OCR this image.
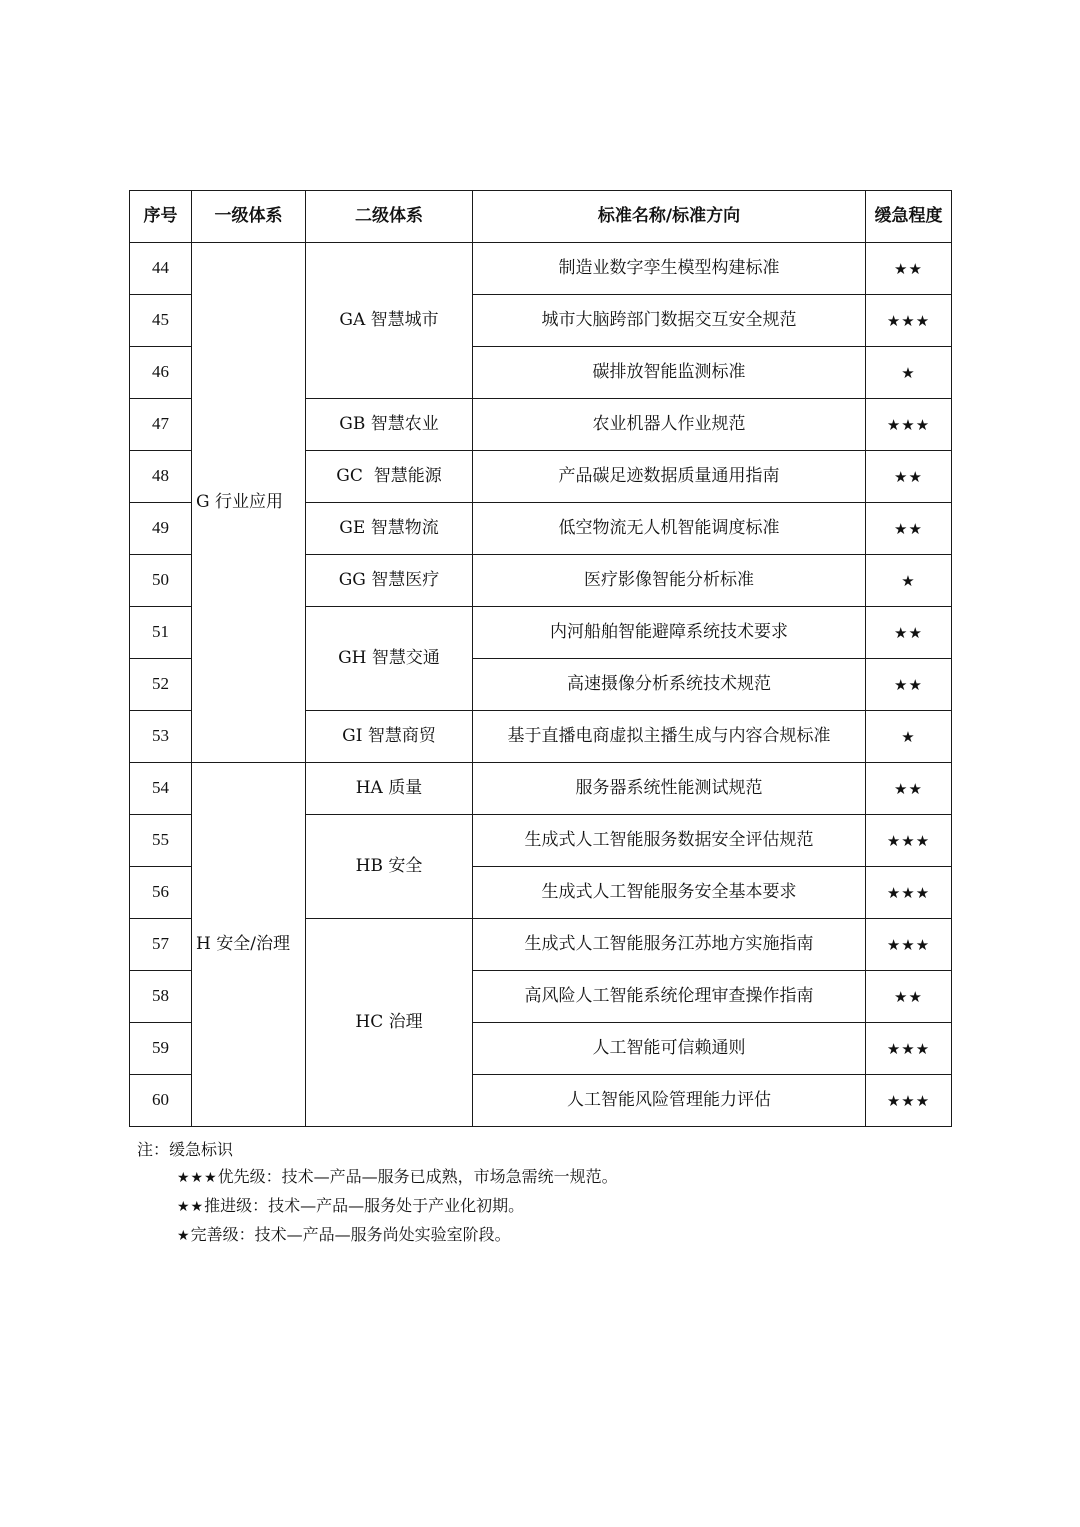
序号	一级体系	二级体系	标准名称/标准方向	缓急程度
44	G 行业应用	GA 智慧城市	制造业数字孪生模型构建标准	★★
45			城市大脑跨部门数据交互安全规范	★★★
46			碳排放智能监测标准	★
47		GB 智慧农业	农业机器人作业规范	★★★
48		GC  智慧能源	产品碳足迹数据质量通用指南	★★
49		GE 智慧物流	低空物流无人机智能调度标准	★★
50		GG 智慧医疗	医疗影像智能分析标准	★
51		GH 智慧交通	内河船舶智能避障系统技术要求	★★
52			高速摄像分析系统技术规范	★★
53		GI 智慧商贸	基于直播电商虚拟主播生成与内容合规标准	★
54	H 安全/治理	HA 质量	服务器系统性能测试规范	★★
55		HB 安全	生成式人工智能服务数据安全评估规范	★★★
56			生成式人工智能服务安全基本要求	★★★
57		HC 治理	生成式人工智能服务江苏地方实施指南	★★★
58			高风险人工智能系统伦理审查操作指南	★★
59			人工智能可信赖通则	★★★
60			人工智能风险管理能力评估	★★★
注：缓急标识
★★★优先级：技术—产品—服务已成熟，市场急需统一规范。
★★推进级：技术—产品—服务处于产业化初期。
★完善级：技术—产品—服务尚处实验室阶段。
